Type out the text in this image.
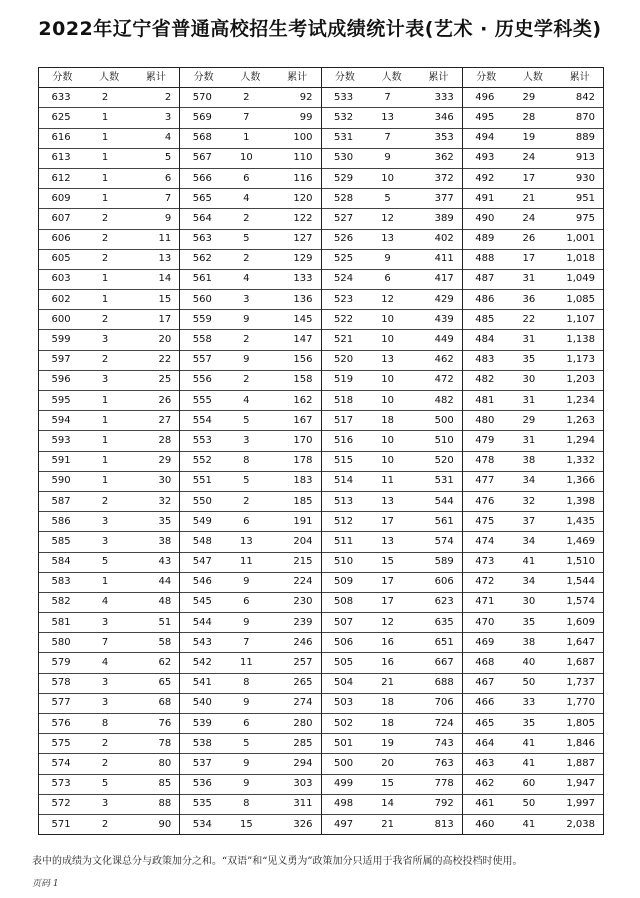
2022年辽宁省普通高校招生考试成绩统计表(艺术 · 历史学科类)
分数	人数	累计
633	2	2
625	1	3
616	1	4
613	1	5
612	1	6
609	1	7
607	2	9
606	2	11
605	2	13
603	1	14
602	1	15
600	2	17
599	3	20
597	2	22
596	3	25
595	1	26
594	1	27
593	1	28
591	1	29
590	1	30
587	2	32
586	3	35
585	3	38
584	5	43
583	1	44
582	4	48
581	3	51
580	7	58
579	4	62
578	3	65
577	3	68
576	8	76
575	2	78
574	2	80
573	5	85
572	3	88
571	2	90
分数	人数	累计
570	2	92
569	7	99
568	1	100
567	10	110
566	6	116
565	4	120
564	2	122
563	5	127
562	2	129
561	4	133
560	3	136
559	9	145
558	2	147
557	9	156
556	2	158
555	4	162
554	5	167
553	3	170
552	8	178
551	5	183
550	2	185
549	6	191
548	13	204
547	11	215
546	9	224
545	6	230
544	9	239
543	7	246
542	11	257
541	8	265
540	9	274
539	6	280
538	5	285
537	9	294
536	9	303
535	8	311
534	15	326
分数	人数	累计
533	7	333
532	13	346
531	7	353
530	9	362
529	10	372
528	5	377
527	12	389
526	13	402
525	9	411
524	6	417
523	12	429
522	10	439
521	10	449
520	13	462
519	10	472
518	10	482
517	18	500
516	10	510
515	10	520
514	11	531
513	13	544
512	17	561
511	13	574
510	15	589
509	17	606
508	17	623
507	12	635
506	16	651
505	16	667
504	21	688
503	18	706
502	18	724
501	19	743
500	20	763
499	15	778
498	14	792
497	21	813
分数	人数	累计
496	29	842
495	28	870
494	19	889
493	24	913
492	17	930
491	21	951
490	24	975
489	26	1,001
488	17	1,018
487	31	1,049
486	36	1,085
485	22	1,107
484	31	1,138
483	35	1,173
482	30	1,203
481	31	1,234
480	29	1,263
479	31	1,294
478	38	1,332
477	34	1,366
476	32	1,398
475	37	1,435
474	34	1,469
473	41	1,510
472	34	1,544
471	30	1,574
470	35	1,609
469	38	1,647
468	40	1,687
467	50	1,737
466	33	1,770
465	35	1,805
464	41	1,846
463	41	1,887
462	60	1,947
461	50	1,997
460	41	2,038
表中的成绩为文化课总分与政策加分之和。“双语”和“见义勇为”政策加分只适用于我省所属的高校投档时使用。
页码 1
